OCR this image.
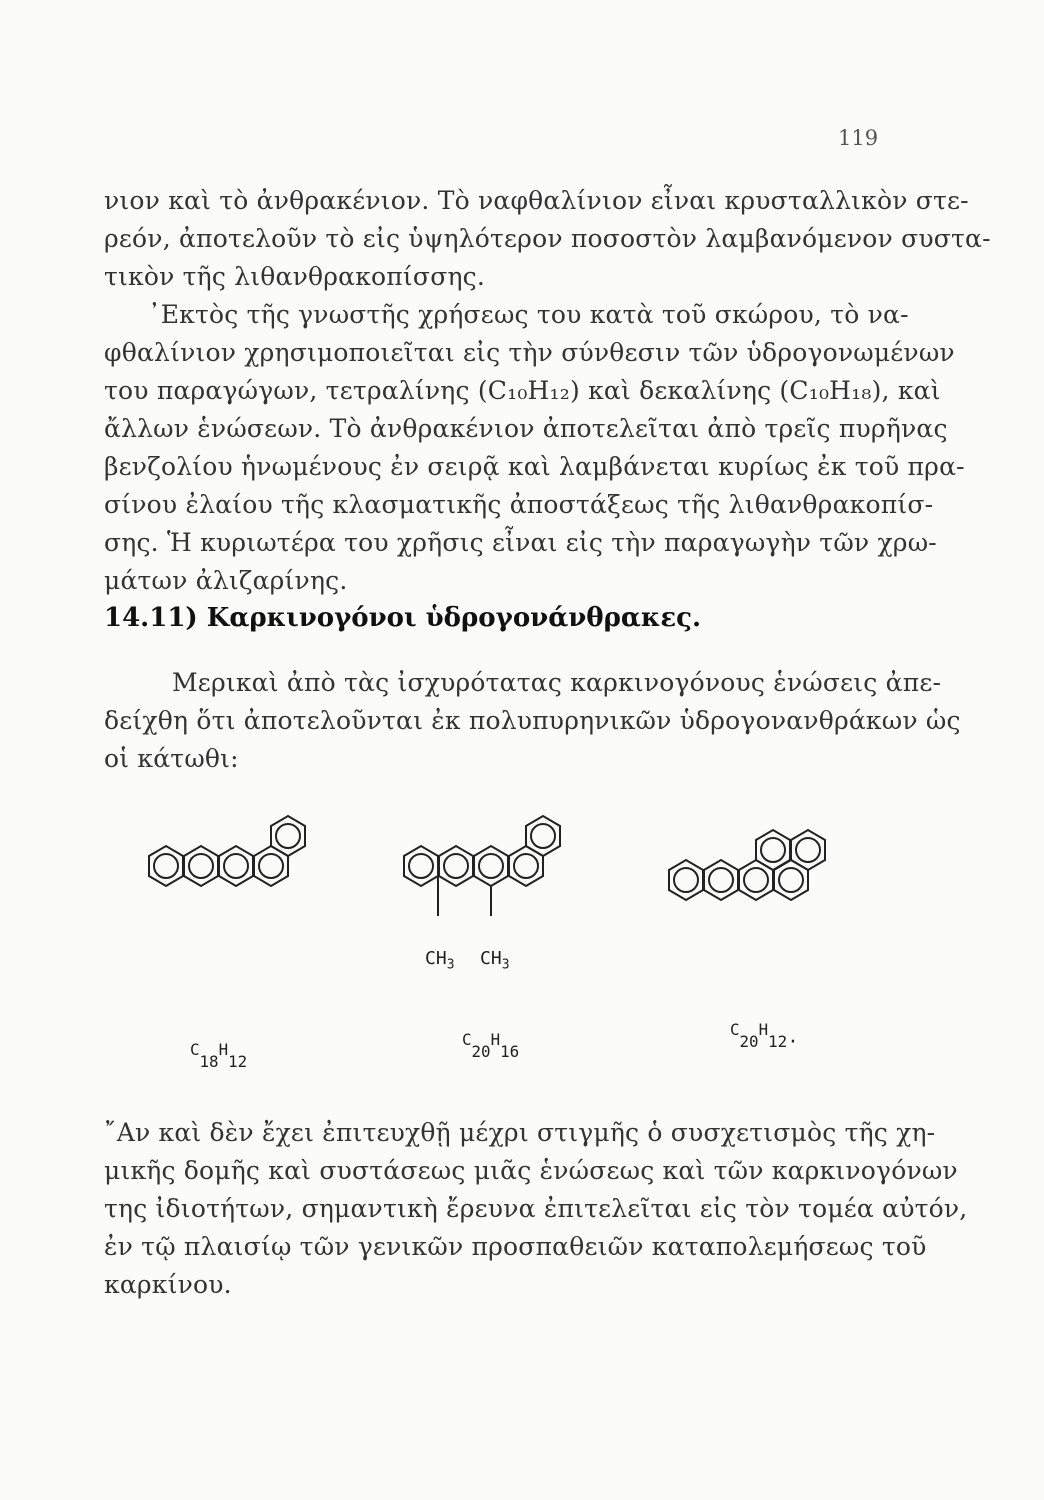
119
νιον καὶ τὸ ἀνθρακένιον. Τὸ ναφθαλίνιον εἶναι κρυσταλλικὸν στε-
ρεόν, ἀποτελοῦν τὸ εἰς ὑψηλότερον ποσοστὸν λαμβανόμενον συστα-
τικὸν τῆς λιθανθρακοπίσσης.
᾽Εκτὸς τῆς γνωστῆς χρήσεως του κατὰ τοῦ σκώρου, τὸ να-
φθαλίνιον χρησιμοποιεῖται εἰς τὴν σύνθεσιν τῶν ὑδρογονωμένων
του παραγώγων, τετραλίνης (C₁₀H₁₂) καὶ δεκαλίνης (C₁₀H₁₈), καὶ
ἄλλων ἑνώσεων. Τὸ ἀνθρακένιον ἀποτελεῖται ἀπὸ τρεῖς πυρῆνας
βενζολίου ἡνωμένους ἐν σειρᾷ καὶ λαμβάνεται κυρίως ἐκ τοῦ πρα-
σίνου ἐλαίου τῆς κλασματικῆς ἀποστάξεως τῆς λιθανθρακοπίσ-
σης. Ἡ κυριωτέρα του χρῆσις εἶναι εἰς τὴν παραγωγὴν τῶν χρω-
μάτων ἀλιζαρίνης.
14.11) Καρκινογόνοι ὑδρογονάνθρακες.
Μερικαὶ ἀπὸ τὰς ἰσχυρότατας καρκινογόνους ἑνώσεις ἀπε-
δείχθη ὅτι ἀποτελοῦνται ἐκ πολυπυρηνικῶν ὑδρογονανθράκων ὡς
οἱ κάτωθι:
$CH_3$ $CH_3$
$^C_{18}^H_{12}$
$^C_{20}^H_{16}$
$^C_{20}^H_{12}$.
῎Αν καὶ δὲν ἔχει ἐπιτευχθῇ μέχρι στιγμῆς ὁ συσχετισμὸς τῆς χη-
μικῆς δομῆς καὶ συστάσεως μιᾶς ἑνώσεως καὶ τῶν καρκινογόνων
της ἰδιοτήτων, σημαντικὴ ἔρευνα ἐπιτελεῖται εἰς τὸν τομέα αὐτόν,
ἐν τῷ πλαισίῳ τῶν γενικῶν προσπαθειῶν καταπολεμήσεως τοῦ
καρκίνου.
